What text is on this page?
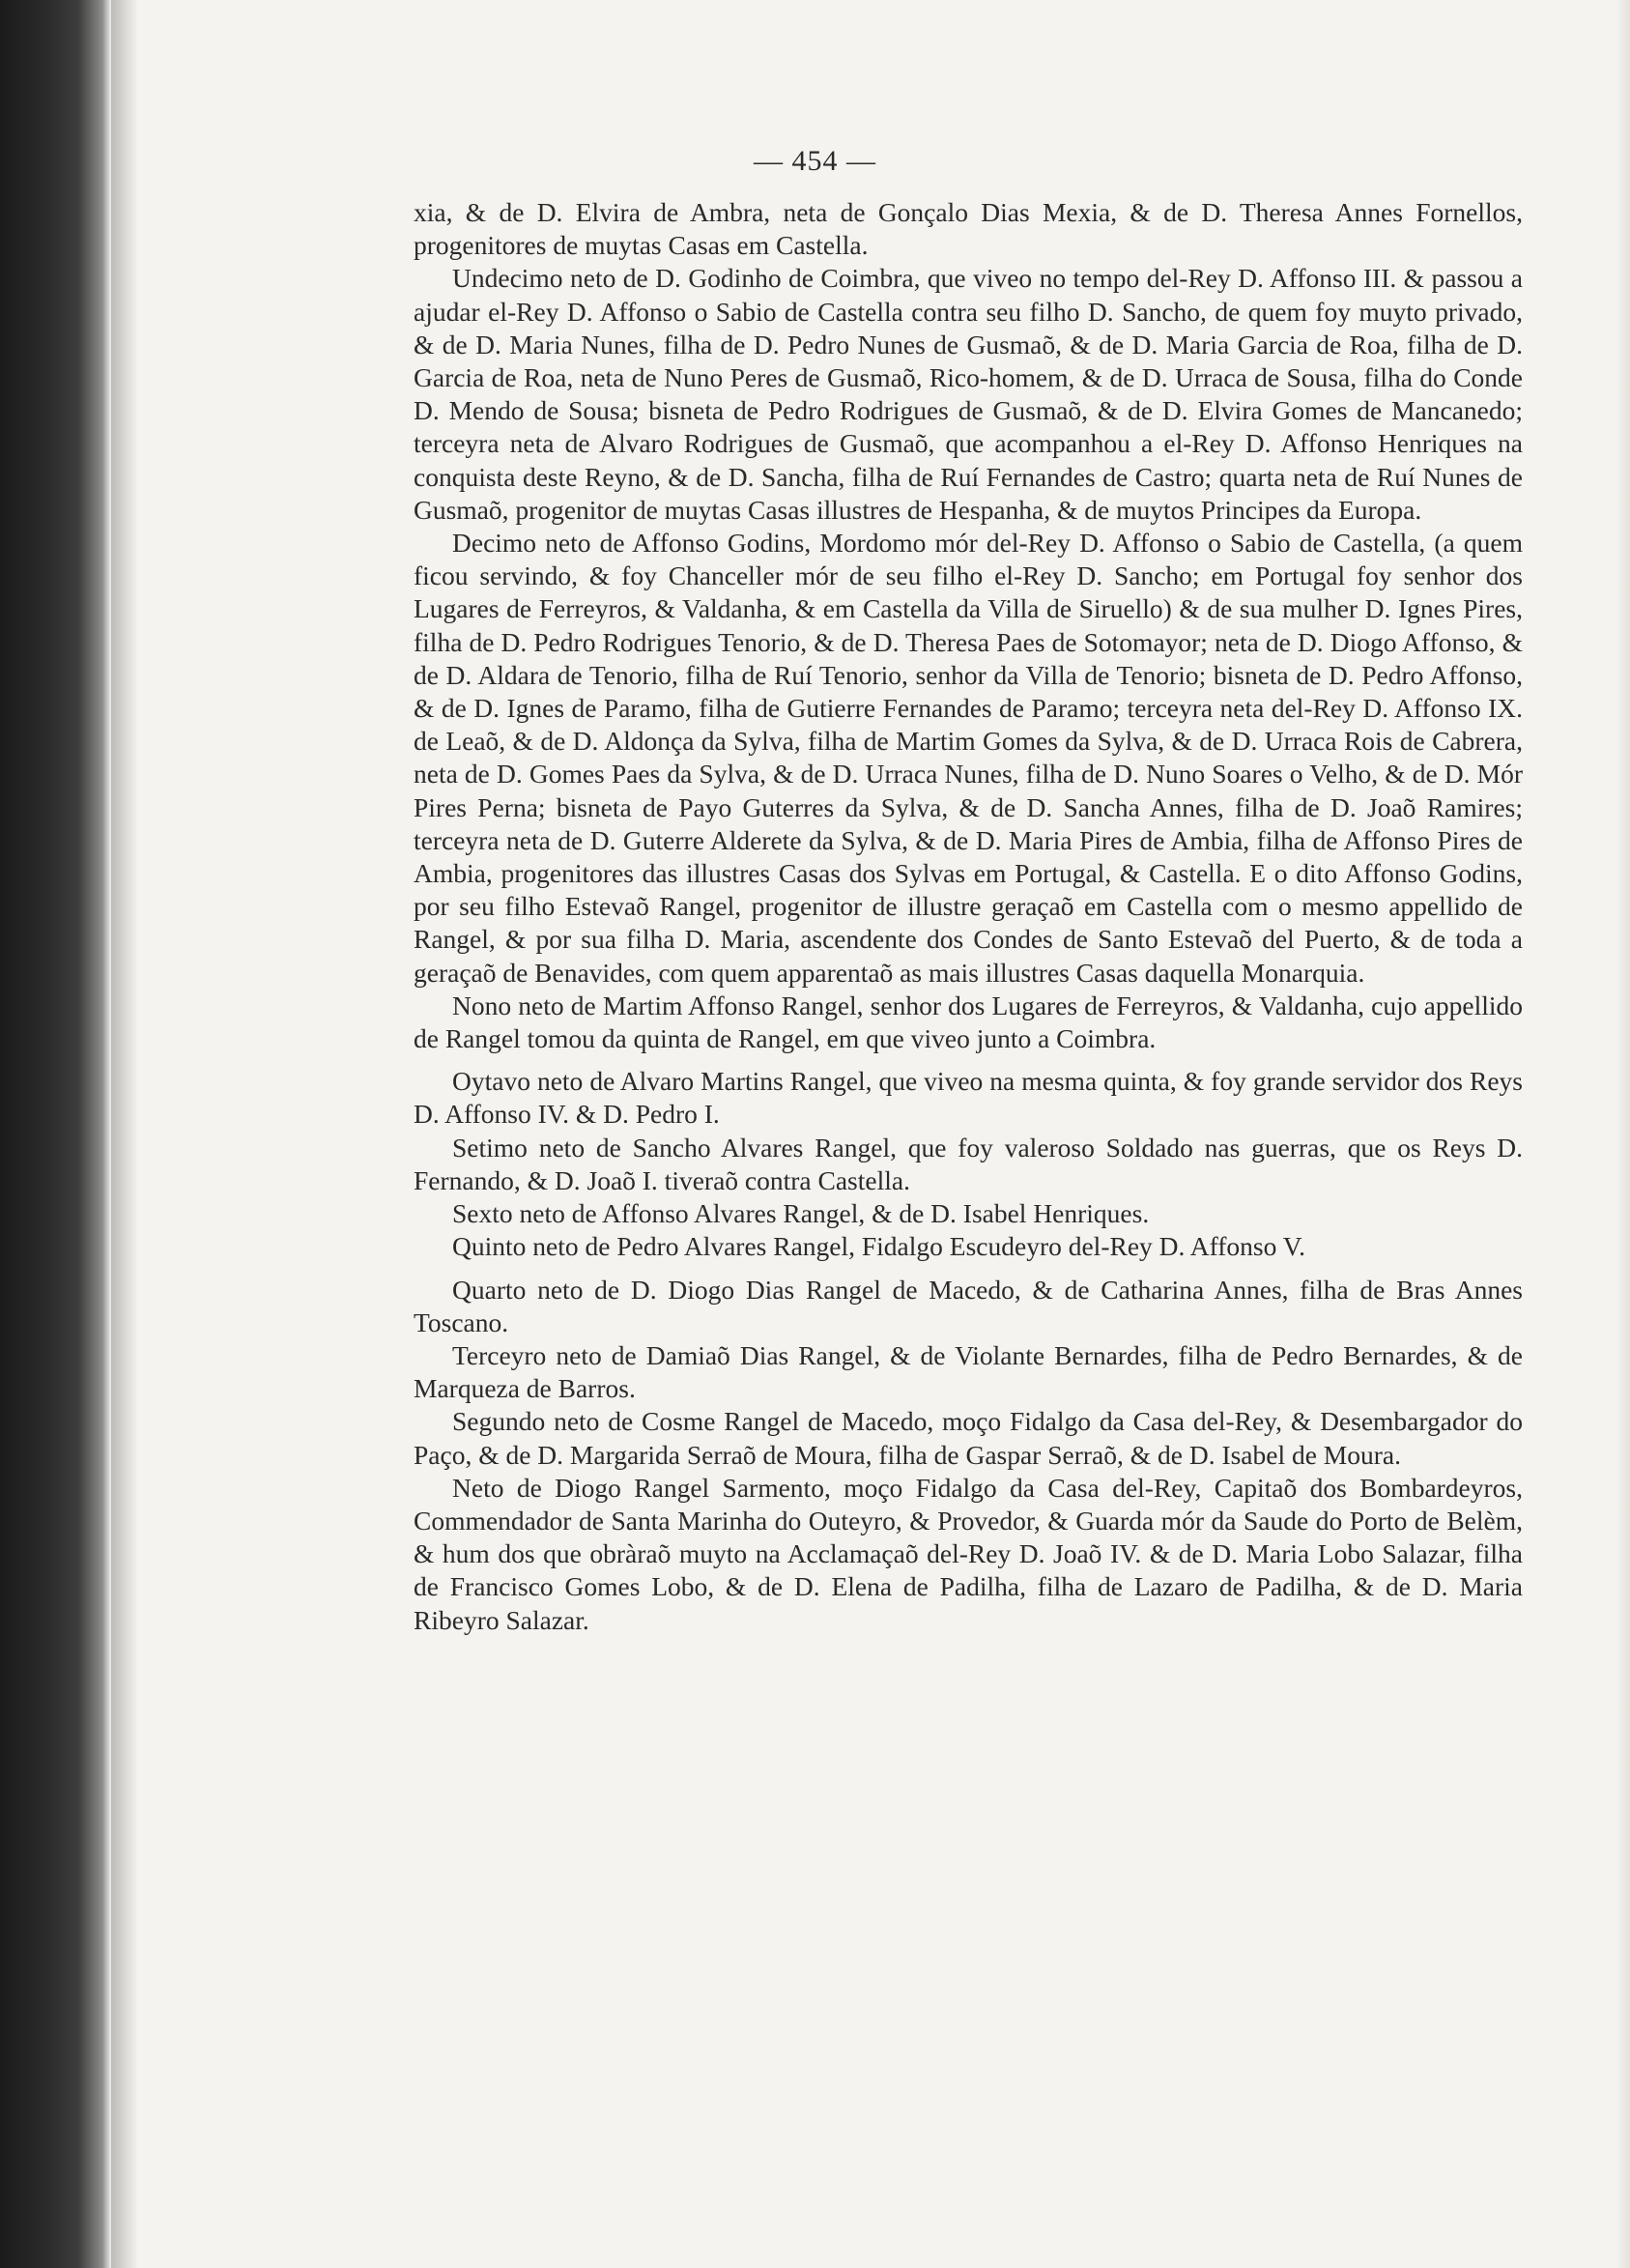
— 454 —

xia, & de D. Elvira de Ambra, neta de Gonçalo Dias Mexia, & de D. Theresa Annes Fornellos, progenitores de muytas Casas em Castella.

Undecimo neto de D. Godinho de Coimbra, que viveo no tempo del-Rey D. Affonso III. & passou a ajudar el-Rey D. Affonso o Sabio de Castella contra seu filho D. Sancho, de quem foy muyto privado, & de D. Maria Nunes, filha de D. Pedro Nunes de Gusmaõ, & de D. Maria Garcia de Roa, filha de D. Garcia de Roa, neta de Nuno Peres de Gusmaõ, Rico-homem, & de D. Urraca de Sousa, filha do Conde D. Mendo de Sousa; bisneta de Pedro Rodrigues de Gusmaõ, & de D. Elvira Gomes de Mancanedo; terceyra neta de Alvaro Rodrigues de Gusmaõ, que acompanhou a el-Rey D. Affonso Henriques na conquista deste Reyno, & de D. Sancha, filha de Ruí Fernandes de Castro; quarta neta de Ruí Nunes de Gusmaõ, progenitor de muytas Casas illustres de Hespanha, & de muytos Principes da Europa.

Decimo neto de Affonso Godins, Mordomo mór del-Rey D. Affonso o Sabio de Castella, (a quem ficou servindo, & foy Chanceller mór de seu filho el-Rey D. Sancho; em Portugal foy senhor dos Lugares de Ferreyros, & Valdanha, & em Castella da Villa de Siruello) & de sua mulher D. Ignes Pires, filha de D. Pedro Rodrigues Tenorio, & de D. Theresa Paes de Sotomayor; neta de D. Diogo Affonso, & de D. Aldara de Tenorio, filha de Ruí Tenorio, senhor da Villa de Tenorio; bisneta de D. Pedro Affonso, & de D. Ignes de Paramo, filha de Gutierre Fernandes de Paramo; terceyra neta del-Rey D. Affonso IX. de Leaõ, & de D. Aldonça da Sylva, filha de Martim Gomes da Sylva, & de D. Urraca Rois de Cabrera, neta de D. Gomes Paes da Sylva, & de D. Urraca Nunes, filha de D. Nuno Soares o Velho, & de D. Mór Pires Perna; bisneta de Payo Guterres da Sylva, & de D. Sancha Annes, filha de D. Joaõ Ramires; terceyra neta de D. Guterre Alderete da Sylva, & de D. Maria Pires de Ambia, filha de Affonso Pires de Ambia, progenitores das illustres Casas dos Sylvas em Portugal, & Castella. E o dito Affonso Godins, por seu filho Estevaõ Rangel, progenitor de illustre geraçaõ em Castella com o mesmo appellido de Rangel, & por sua filha D. Maria, ascendente dos Condes de Santo Estevaõ del Puerto, & de toda a geraçaõ de Benavides, com quem apparentaõ as mais illustres Casas daquella Monarquia.

Nono neto de Martim Affonso Rangel, senhor dos Lugares de Ferreyros, & Valdanha, cujo appellido de Rangel tomou da quinta de Rangel, em que viveo junto a Coimbra.

Oytavo neto de Alvaro Martins Rangel, que viveo na mesma quinta, & foy grande servidor dos Reys D. Affonso IV. & D. Pedro I.

Setimo neto de Sancho Alvares Rangel, que foy valeroso Soldado nas guerras, que os Reys D. Fernando, & D. Joaõ I. tiveraõ contra Castella.

Sexto neto de Affonso Alvares Rangel, & de D. Isabel Henriques.

Quinto neto de Pedro Alvares Rangel, Fidalgo Escudeyro del-Rey D. Affonso V.

Quarto neto de D. Diogo Dias Rangel de Macedo, & de Catharina Annes, filha de Bras Annes Toscano.

Terceyro neto de Damiaõ Dias Rangel, & de Violante Bernardes, filha de Pedro Bernardes, & de Marqueza de Barros.

Segundo neto de Cosme Rangel de Macedo, moço Fidalgo da Casa del-Rey, & Desembargador do Paço, & de D. Margarida Serraõ de Moura, filha de Gaspar Serraõ, & de D. Isabel de Moura.

Neto de Diogo Rangel Sarmento, moço Fidalgo da Casa del-Rey, Capitaõ dos Bombardeyros, Commendador de Santa Marinha do Outeyro, & Provedor, & Guarda mór da Saude do Porto de Belèm, & hum dos que obràraõ muyto na Acclamaçaõ del-Rey D. Joaõ IV. & de D. Maria Lobo Salazar, filha de Francisco Gomes Lobo, & de D. Elena de Padilha, filha de Lazaro de Padilha, & de D. Maria Ribeyro Salazar.
